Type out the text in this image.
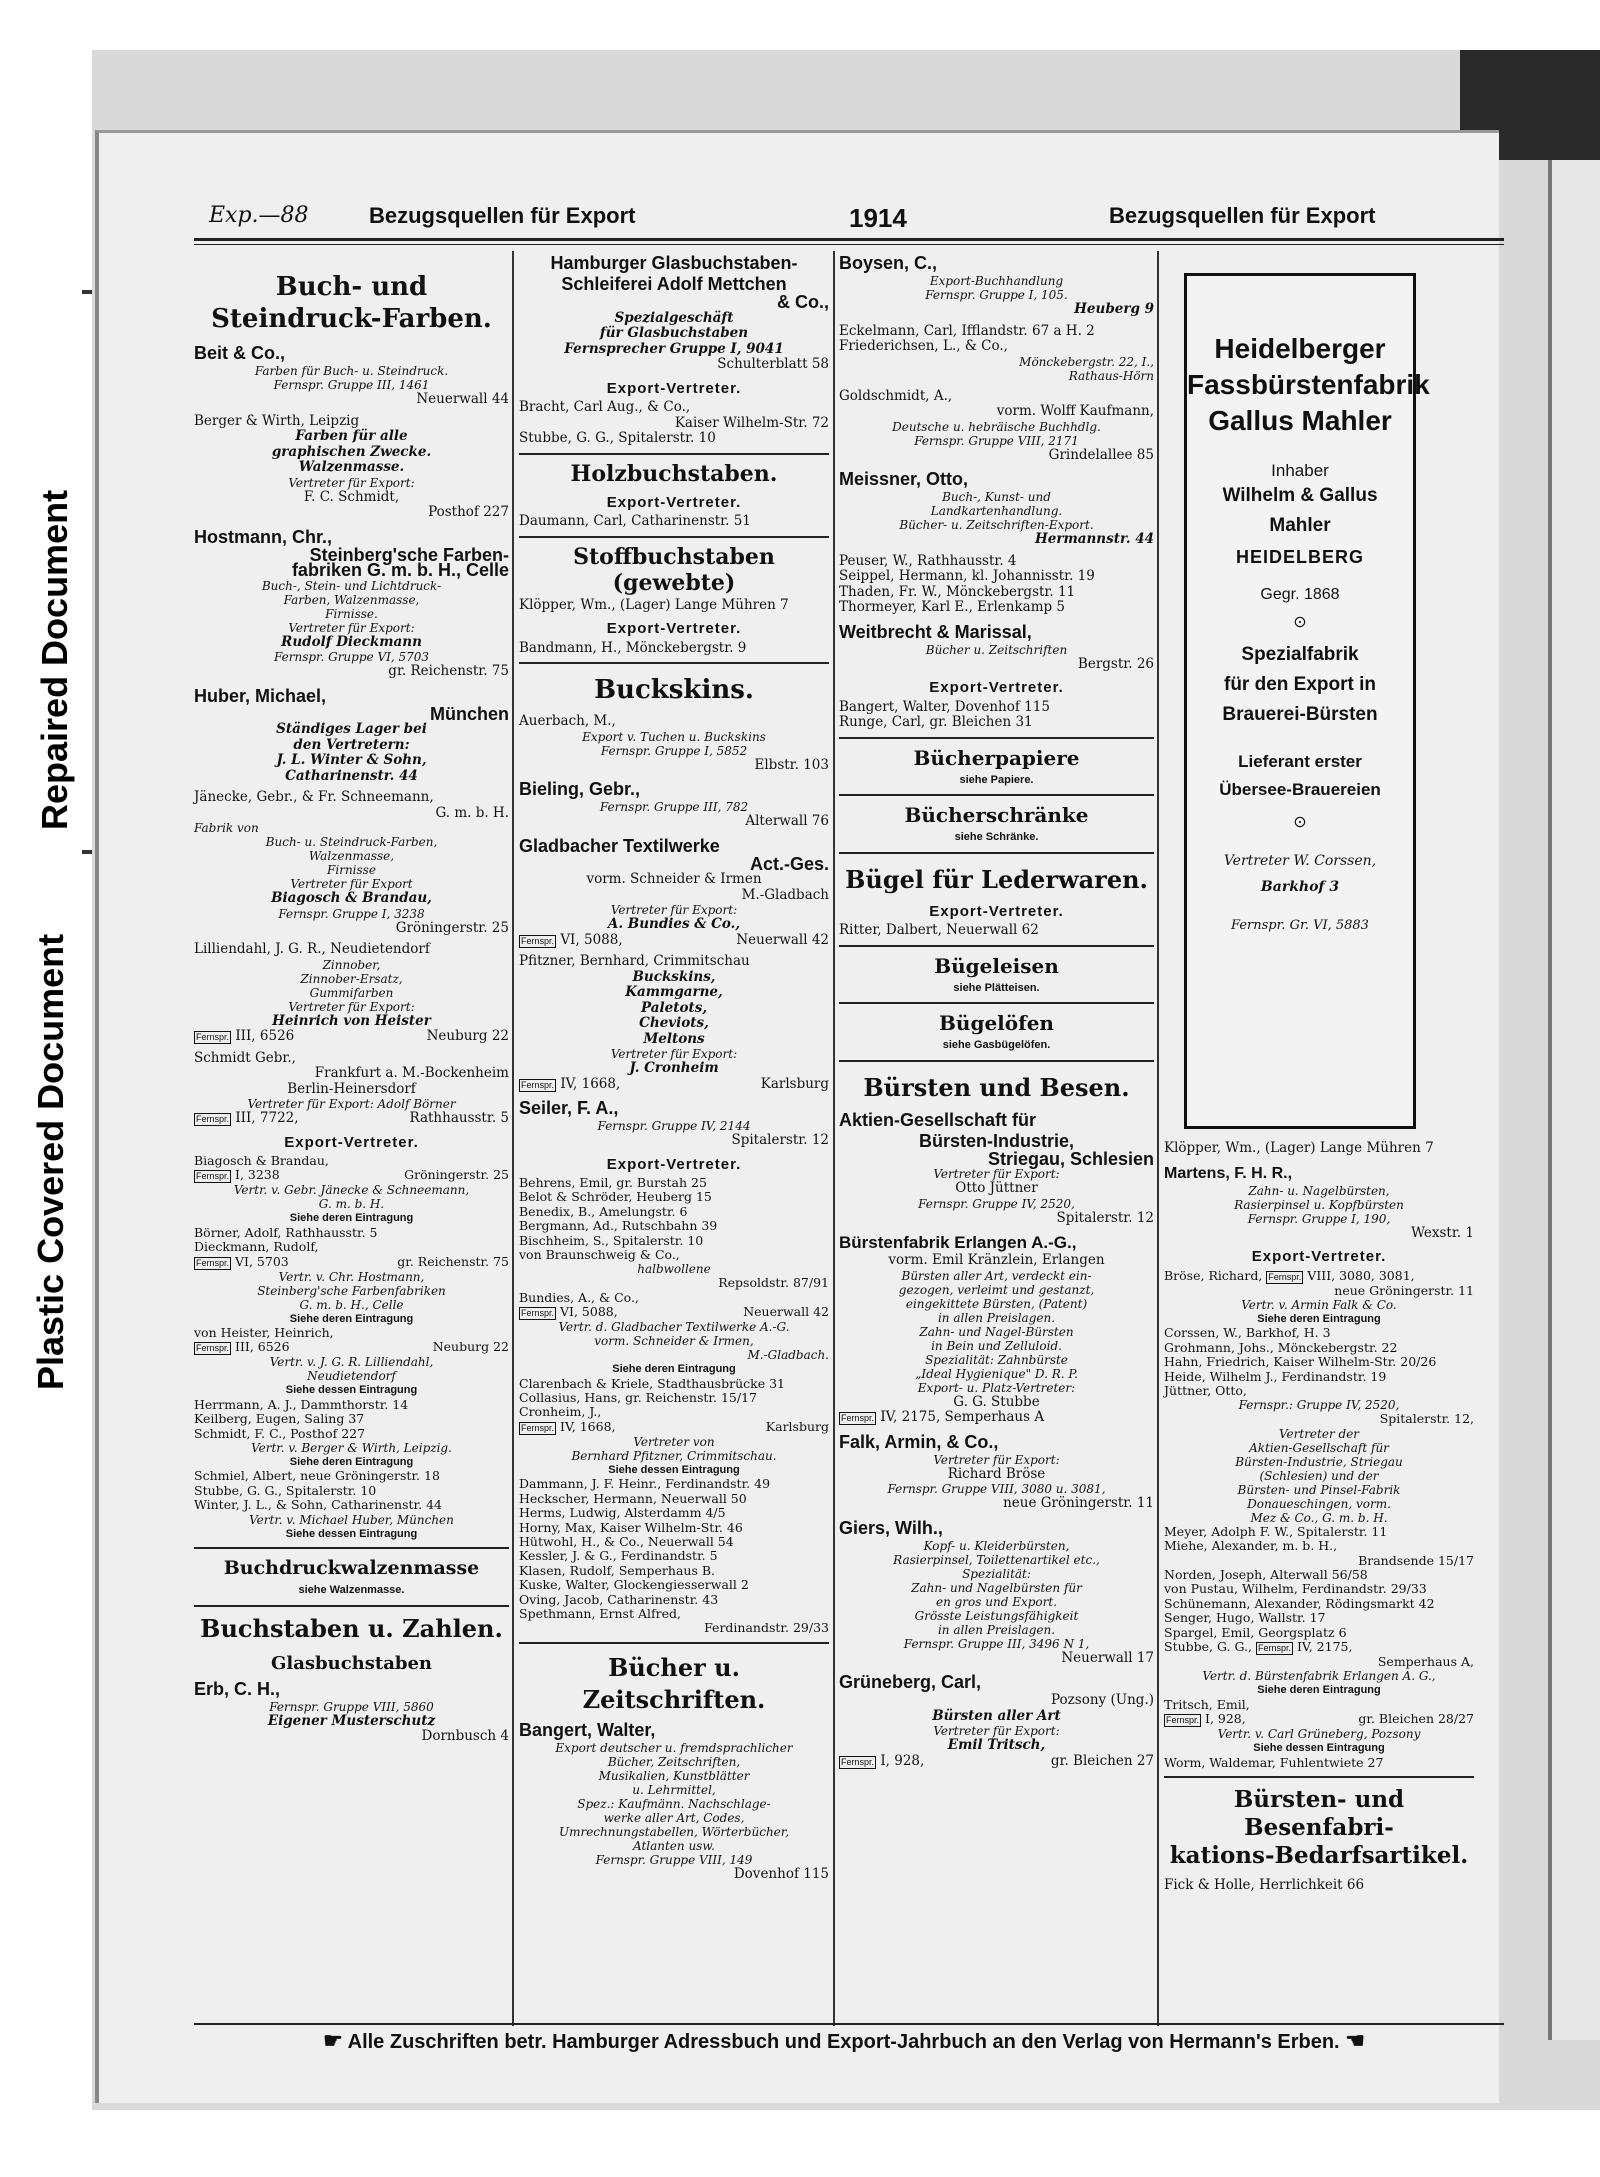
Repaired Document
Plastic Covered Document
Exp.—88	Bezugsquellen für Export	1914	Bezugsquellen für Export
Buch- und Steindruck-Farben.
Beit & Co.,
Farben für Buch- u. Steindruck.
Fernspr. Gruppe III, 1461
Neuerwall 44
Berger & Wirth, Leipzig
Farben für alle
graphischen Zwecke.
Walzenmasse.
Vertreter für Export:
F. C. Schmidt,
Posthof 227
Hostmann, Chr.,
Steinberg'sche Farben-
fabriken G. m. b. H., Celle
Buch-, Stein- und Lichtdruck-
Farben, Walzenmasse,
Firnisse.
Vertreter für Export:
Rudolf Dieckmann
Fernspr. Gruppe VI, 5703
gr. Reichenstr. 75
Huber, Michael,
München
Ständiges Lager bei
den Vertretern:
J. L. Winter & Sohn,
Catharinenstr. 44
Jänecke, Gebr., & Fr. Schneemann,
G. m. b. H.
Fabrik von
Buch- u. Steindruck-Farben,
Walzenmasse,
Firnisse
Vertreter für Export
Biagosch & Brandau,
Fernspr. Gruppe I, 3238
Gröningerstr. 25
Lilliendahl, J. G. R., Neudietendorf
Zinnober,
Zinnober-Ersatz,
Gummifarben
Vertreter für Export:
Heinrich von Heister
Fernspr. III, 6526	Neuburg 22
Schmidt Gebr.,
Frankfurt a. M.-Bockenheim
Berlin-Heinersdorf
Vertreter für Export: Adolf Börner
Fernspr. III, 7722,	Rathhausstr. 5
Export-Vertreter.
Biagosch & Brandau,
Fernspr. I, 3238	Gröningerstr. 25
Vertr. v. Gebr. Jänecke & Schneemann,
G. m. b. H.
Siehe deren Eintragung
Börner, Adolf, Rathhausstr. 5
Dieckmann, Rudolf,
Fernspr. VI, 5703	gr. Reichenstr. 75
Vertr. v. Chr. Hostmann,
Steinberg'sche Farbenfabriken
G. m. b. H., Celle
Siehe deren Eintragung
von Heister, Heinrich,
Fernspr. III, 6526	Neuburg 22
Vertr. v. J. G. R. Lilliendahl,
Neudietendorf
Siehe dessen Eintragung
Herrmann, A. J., Dammthorstr. 14
Keilberg, Eugen, Saling 37
Schmidt, F. C., Posthof 227
Vertr. v. Berger & Wirth, Leipzig.
Siehe deren Eintragung
Schmiel, Albert, neue Gröningerstr. 18
Stubbe, G. G., Spitalerstr. 10
Winter, J. L., & Sohn, Catharinenstr. 44
Vertr. v. Michael Huber, München
Siehe dessen Eintragung
Buchdruckwalzenmasse
siehe Walzenmasse.
Buchstaben u. Zahlen.
Glasbuchstaben
Erb, C. H.,
Fernspr. Gruppe VIII, 5860
Eigener Musterschutz
Dornbusch 4
Hamburger Glasbuchstaben-
Schleiferei Adolf Mettchen
& Co.,
Spezialgeschäft
für Glasbuchstaben
Fernsprecher Gruppe I, 9041
Schulterblatt 58
Export-Vertreter.
Bracht, Carl Aug., & Co.,
Kaiser Wilhelm-Str. 72
Stubbe, G. G., Spitalerstr. 10
Holzbuchstaben.
Export-Vertreter.
Daumann, Carl, Catharinenstr. 51
Stoffbuchstaben (gewebte)
Klöpper, Wm., (Lager) Lange Mühren 7
Export-Vertreter.
Bandmann, H., Mönckebergstr. 9
Buckskins.
Auerbach, M.,
Export v. Tuchen u. Buckskins
Fernspr. Gruppe I, 5852
Elbstr. 103
Bieling, Gebr.,
Fernspr. Gruppe III, 782
Alterwall 76
Gladbacher Textilwerke
Act.-Ges.
vorm. Schneider & Irmen
M.-Gladbach
Vertreter für Export:
A. Bundies & Co.,
Fernspr. VI, 5088,	Neuerwall 42
Pfitzner, Bernhard, Crimmitschau
Buckskins,
Kammgarne,
Paletots,
Cheviots,
Meltons
Vertreter für Export:
J. Cronheim
Fernspr. IV, 1668,	Karlsburg
Seiler, F. A.,
Fernspr. Gruppe IV, 2144
Spitalerstr. 12
Export-Vertreter.
Behrens, Emil, gr. Burstah 25
Belot & Schröder, Heuberg 15
Benedix, B., Amelungstr. 6
Bergmann, Ad., Rutschbahn 39
Bischheim, S., Spitalerstr. 10
von Braunschweig & Co.,
halbwollene
Repsoldstr. 87/91
Bundies, A., & Co.,
Fernspr. VI, 5088,	Neuerwall 42
Vertr. d. Gladbacher Textilwerke A.-G.
vorm. Schneider & Irmen,
M.-Gladbach.
Siehe deren Eintragung
Clarenbach & Kriele, Stadthausbrücke 31
Collasius, Hans, gr. Reichenstr. 15/17
Cronheim, J.,
Fernspr. IV, 1668,	Karlsburg
Vertreter von
Bernhard Pfitzner, Crimmitschau.
Siehe dessen Eintragung
Dammann, J. F. Heinr., Ferdinandstr. 49
Heckscher, Hermann, Neuerwall 50
Herms, Ludwig, Alsterdamm 4/5
Horny, Max, Kaiser Wilhelm-Str. 46
Hütwohl, H., & Co., Neuerwall 54
Kessler, J. & G., Ferdinandstr. 5
Klasen, Rudolf, Semperhaus B.
Kuske, Walter, Glockengiesserwall 2
Oving, Jacob, Catharinenstr. 43
Spethmann, Ernst Alfred,
Ferdinandstr. 29/33
Bücher u. Zeitschriften.
Bangert, Walter,
Export deutscher u. fremdsprachlicher
Bücher, Zeitschriften,
Musikalien, Kunstblätter
u. Lehrmittel,
Spez.: Kaufmänn. Nachschlage-
werke aller Art, Codes,
Umrechnungstabellen, Wörterbücher,
Atlanten usw.
Fernspr. Gruppe VIII, 149
Dovenhof 115
Boysen, C.,
Export-Buchhandlung
Fernspr. Gruppe I, 105.
Heuberg 9
Eckelmann, Carl, Ifflandstr. 67 a H. 2
Friederichsen, L., & Co.,
Mönckebergstr. 22, I.,
Rathaus-Hörn
Goldschmidt, A.,
vorm. Wolff Kaufmann,
Deutsche u. hebräische Buchhdlg.
Fernspr. Gruppe VIII, 2171
Grindelallee 85
Meissner, Otto,
Buch-, Kunst- und
Landkartenhandlung.
Bücher- u. Zeitschriften-Export.
Hermannstr. 44
Peuser, W., Rathhausstr. 4
Seippel, Hermann, kl. Johannisstr. 19
Thaden, Fr. W., Mönckebergstr. 11
Thormeyer, Karl E., Erlenkamp 5
Weitbrecht & Marissal,
Bücher u. Zeitschriften
Bergstr. 26
Export-Vertreter.
Bangert, Walter, Dovenhof 115
Runge, Carl, gr. Bleichen 31
Bücherpapiere
siehe Papiere.
Bücherschränke
siehe Schränke.
Bügel für Lederwaren.
Export-Vertreter.
Ritter, Dalbert, Neuerwall 62
Bügeleisen
siehe Plätteisen.
Bügelöfen
siehe Gasbügelöfen.
Bürsten und Besen.
Aktien-Gesellschaft für
Bürsten-Industrie,
Striegau, Schlesien
Vertreter für Export:
Otto Jüttner
Fernspr. Gruppe IV, 2520,
Spitalerstr. 12
Bürstenfabrik Erlangen A.-G.,
vorm. Emil Kränzlein, Erlangen
Bürsten aller Art, verdeckt ein-
gezogen, verleimt und gestanzt,
eingekittete Bürsten, (Patent)
in allen Preislagen.
Zahn- und Nagel-Bürsten
in Bein und Zelluloid.
Spezialität: Zahnbürste
„Ideal Hygienique" D. R. P.
Export- u. Platz-Vertreter:
G. G. Stubbe
Fernspr. IV, 2175, Semperhaus A
Falk, Armin, & Co.,
Vertreter für Export:
Richard Bröse
Fernspr. Gruppe VIII, 3080 u. 3081,
neue Gröningerstr. 11
Giers, Wilh.,
Kopf- u. Kleiderbürsten,
Rasierpinsel, Toilettenartikel etc.,
Spezialität:
Zahn- und Nagelbürsten für
en gros und Export.
Grösste Leistungsfähigkeit
in allen Preislagen.
Fernspr. Gruppe III, 3496 N 1,
Neuerwall 17
Grüneberg, Carl,
Pozsony (Ung.)
Bürsten aller Art
Vertreter für Export:
Emil Tritsch,
Fernspr. I, 928,	gr. Bleichen 27
Heidelberger
Fassbürstenfabrik
Gallus Mahler
Inhaber
Wilhelm & Gallus
Mahler
HEIDELBERG
Gegr. 1868
⊙
Spezialfabrik
für den Export in
Brauerei-Bürsten
Lieferant erster
Übersee-Brauereien
⊙
Vertreter W. Corssen,
Barkhof 3
Fernspr. Gr. VI, 5883
Klöpper, Wm., (Lager) Lange Mühren 7
Martens, F. H. R.,
Zahn- u. Nagelbürsten,
Rasierpinsel u. Kopfbürsten
Fernspr. Gruppe I, 190,
Wexstr. 1
Export-Vertreter.
Bröse, Richard, Fernspr. VIII, 3080, 3081,
neue Gröningerstr. 11
Vertr. v. Armin Falk & Co.
Siehe deren Eintragung
Corssen, W., Barkhof, H. 3
Grohmann, Johs., Mönckebergstr. 22
Hahn, Friedrich, Kaiser Wilhelm-Str. 20/26
Heide, Wilhelm J., Ferdinandstr. 19
Jüttner, Otto,
Fernspr.: Gruppe IV, 2520,
Spitalerstr. 12,
Vertreter der
Aktien-Gesellschaft für
Bürsten-Industrie, Striegau
(Schlesien) und der
Bürsten- und Pinsel-Fabrik
Donaueschingen, vorm.
Mez & Co., G. m. b. H.
Meyer, Adolph F. W., Spitalerstr. 11
Miehe, Alexander, m. b. H.,
Brandsende 15/17
Norden, Joseph, Alterwall 56/58
von Pustau, Wilhelm, Ferdinandstr. 29/33
Schünemann, Alexander, Rödingsmarkt 42
Senger, Hugo, Wallstr. 17
Spargel, Emil, Georgsplatz 6
Stubbe, G. G., Fernspr. IV, 2175,
Semperhaus A,
Vertr. d. Bürstenfabrik Erlangen A. G.,
Siehe deren Eintragung
Tritsch, Emil,
Fernspr. I, 928,	gr. Bleichen 28/27
Vertr. v. Carl Grüneberg, Pozsony
Siehe dessen Eintragung
Worm, Waldemar, Fuhlentwiete 27
Bürsten- und Besenfabri-
kations-Bedarfsartikel.
Fick & Holle, Herrlichkeit 66
☛ Alle Zuschriften betr. Hamburger Adressbuch und Export-Jahrbuch an den Verlag von Hermann's Erben. ☚
